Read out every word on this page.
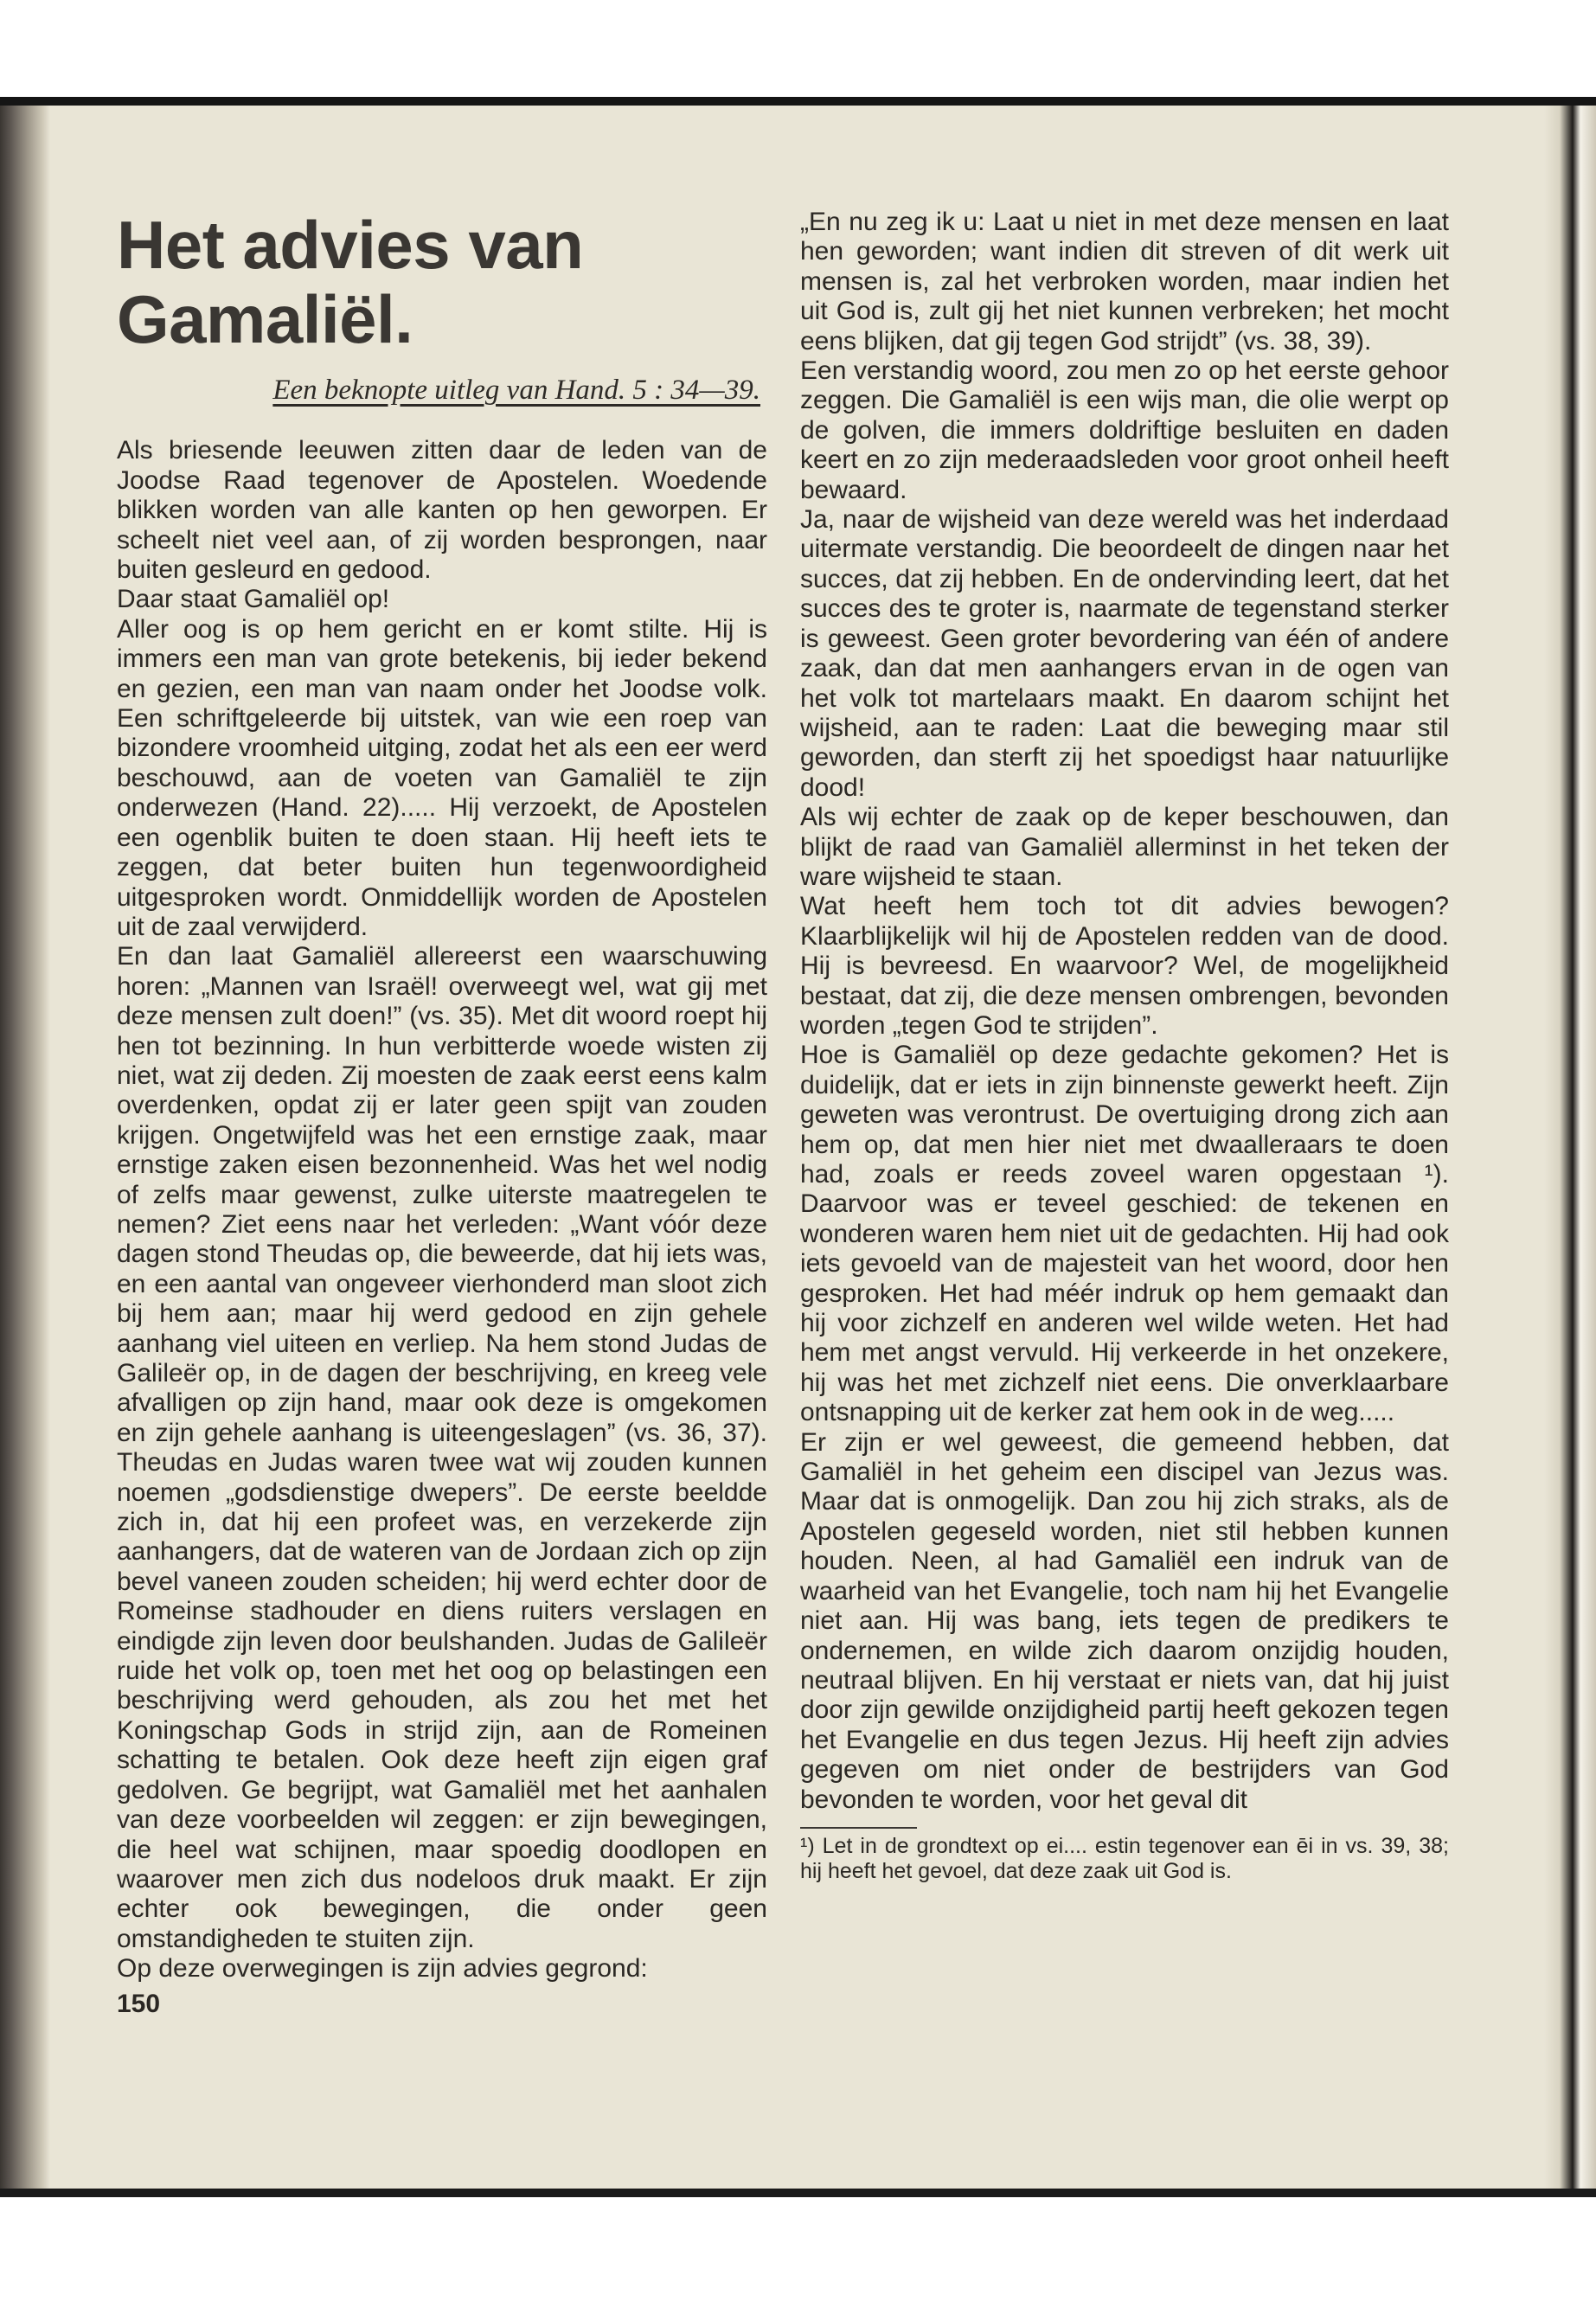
Het advies van Gamaliël.
Een beknopte uitleg van Hand. 5 : 34—39.

Als briesende leeuwen zitten daar de leden van de Joodse Raad tegenover de Apostelen. Woedende blikken worden van alle kanten op hen geworpen. Er scheelt niet veel aan, of zij worden besprongen, naar buiten gesleurd en gedood.

Daar staat Gamaliël op!

Aller oog is op hem gericht en er komt stilte. Hij is immers een man van grote betekenis, bij ieder bekend en gezien, een man van naam onder het Joodse volk. Een schriftgeleerde bij uitstek, van wie een roep van bizondere vroomheid uitging, zodat het als een eer werd beschouwd, aan de voeten van Gamaliël te zijn onderwezen (Hand. 22)..... Hij verzoekt, de Apostelen een ogenblik buiten te doen staan. Hij heeft iets te zeggen, dat beter buiten hun tegenwoordigheid uitgesproken wordt. Onmiddellijk worden de Apostelen uit de zaal verwijderd.

En dan laat Gamaliël allereerst een waarschuwing horen: „Mannen van Israël! overweegt wel, wat gij met deze mensen zult doen!” (vs. 35). Met dit woord roept hij hen tot bezinning. In hun verbitterde woede wisten zij niet, wat zij deden. Zij moesten de zaak eerst eens kalm overdenken, opdat zij er later geen spijt van zouden krijgen. Ongetwijfeld was het een ernstige zaak, maar ernstige zaken eisen bezonnenheid. Was het wel nodig of zelfs maar gewenst, zulke uiterste maatregelen te nemen? Ziet eens naar het verleden: „Want vóór deze dagen stond Theudas op, die beweerde, dat hij iets was, en een aantal van ongeveer vierhonderd man sloot zich bij hem aan; maar hij werd gedood en zijn gehele aanhang viel uiteen en verliep. Na hem stond Judas de Galileër op, in de dagen der beschrijving, en kreeg vele afvalligen op zijn hand, maar ook deze is omgekomen en zijn gehele aanhang is uiteengeslagen” (vs. 36, 37). Theudas en Judas waren twee wat wij zouden kunnen noemen „godsdienstige dwepers”. De eerste beeldde zich in, dat hij een profeet was, en verzekerde zijn aanhangers, dat de wateren van de Jordaan zich op zijn bevel vaneen zouden scheiden; hij werd echter door de Romeinse stadhouder en diens ruiters verslagen en eindigde zijn leven door beulshanden. Judas de Galileër ruide het volk op, toen met het oog op belastingen een beschrijving werd gehouden, als zou het met het Koningschap Gods in strijd zijn, aan de Romeinen schatting te betalen. Ook deze heeft zijn eigen graf gedolven. Ge begrijpt, wat Gamaliël met het aanhalen van deze voorbeelden wil zeggen: er zijn bewegingen, die heel wat schijnen, maar spoedig doodlopen en waarover men zich dus nodeloos druk maakt. Er zijn echter ook bewegingen, die onder geen omstandigheden te stuiten zijn.

Op deze overwegingen is zijn advies gegrond:

150

„En nu zeg ik u: Laat u niet in met deze mensen en laat hen geworden; want indien dit streven of dit werk uit mensen is, zal het verbroken worden, maar indien het uit God is, zult gij het niet kunnen verbreken; het mocht eens blijken, dat gij tegen God strijdt” (vs. 38, 39).

Een verstandig woord, zou men zo op het eerste gehoor zeggen. Die Gamaliël is een wijs man, die olie werpt op de golven, die immers doldriftige besluiten en daden keert en zo zijn mederaadsleden voor groot onheil heeft bewaard.

Ja, naar de wijsheid van deze wereld was het inderdaad uitermate verstandig. Die beoordeelt de dingen naar het succes, dat zij hebben. En de ondervinding leert, dat het succes des te groter is, naarmate de tegenstand sterker is geweest. Geen groter bevordering van één of andere zaak, dan dat men aanhangers ervan in de ogen van het volk tot martelaars maakt. En daarom schijnt het wijsheid, aan te raden: Laat die beweging maar stil geworden, dan sterft zij het spoedigst haar natuurlijke dood!

Als wij echter de zaak op de keper beschouwen, dan blijkt de raad van Gamaliël allerminst in het teken der ware wijsheid te staan.

Wat heeft hem toch tot dit advies bewogen? Klaarblijkelijk wil hij de Apostelen redden van de dood. Hij is bevreesd. En waarvoor? Wel, de mogelijkheid bestaat, dat zij, die deze mensen ombrengen, bevonden worden „tegen God te strijden”.

Hoe is Gamaliël op deze gedachte gekomen? Het is duidelijk, dat er iets in zijn binnenste gewerkt heeft. Zijn geweten was verontrust. De overtuiging drong zich aan hem op, dat men hier niet met dwaalleraars te doen had, zoals er reeds zoveel waren opgestaan ¹). Daarvoor was er teveel geschied: de tekenen en wonderen waren hem niet uit de gedachten. Hij had ook iets gevoeld van de majesteit van het woord, door hen gesproken. Het had méér indruk op hem gemaakt dan hij voor zichzelf en anderen wel wilde weten. Het had hem met angst vervuld. Hij verkeerde in het onzekere, hij was het met zichzelf niet eens. Die onverklaarbare ontsnapping uit de kerker zat hem ook in de weg.....

Er zijn er wel geweest, die gemeend hebben, dat Gamaliël in het geheim een discipel van Jezus was. Maar dat is onmogelijk. Dan zou hij zich straks, als de Apostelen gegeseld worden, niet stil hebben kunnen houden. Neen, al had Gamaliël een indruk van de waarheid van het Evangelie, toch nam hij het Evangelie niet aan. Hij was bang, iets tegen de predikers te ondernemen, en wilde zich daarom onzijdig houden, neutraal blijven. En hij verstaat er niets van, dat hij juist door zijn gewilde onzijdigheid partij heeft gekozen tegen het Evangelie en dus tegen Jezus. Hij heeft zijn advies gegeven om niet onder de bestrijders van God bevonden te worden, voor het geval dit

¹) Let in de grondtext op ei.... estin tegenover ean ēi in vs. 39, 38; hij heeft het gevoel, dat deze zaak uit God is.
